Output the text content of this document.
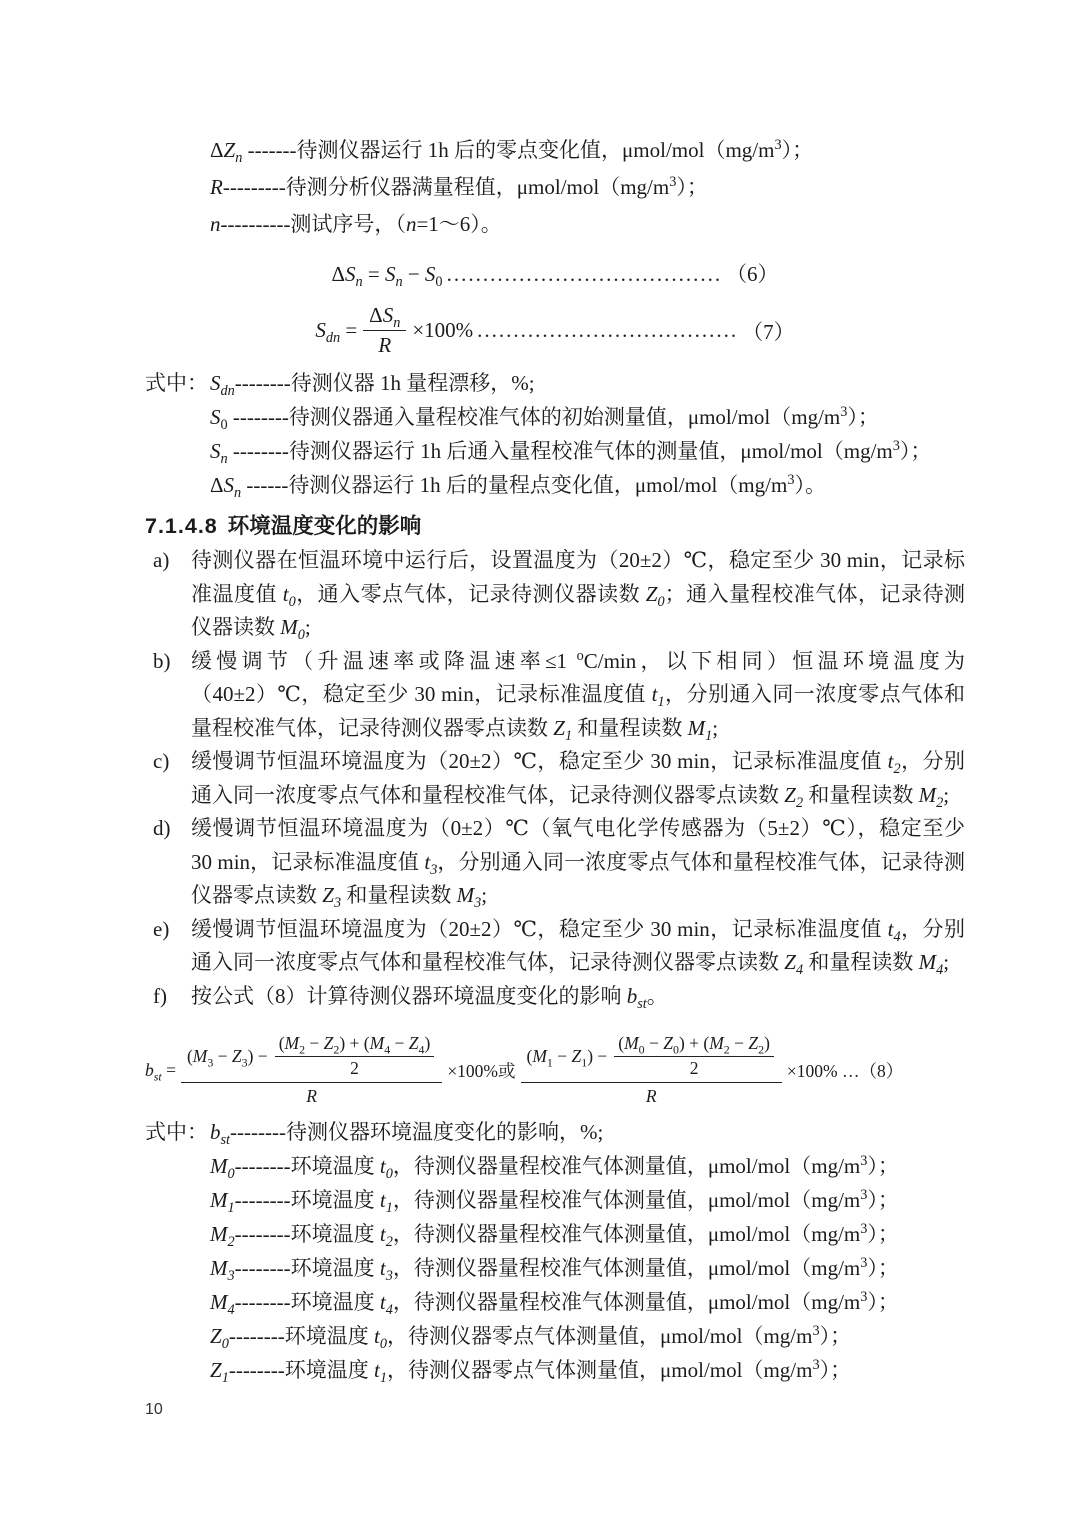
$\Delta Z_n$ -------待测仪器运行 1h 后的零点变化值，μmol/$mol(mg/m^3)$；
R---------待测分析仪器满量程值，μmol/$mol(mg/m^3)$；
n----------测试序号，（n=1～6）。
$\Delta S_n = S_n - S_0$ ...................................... （6）
$S_{dn} = \frac{\Delta S_n}{R} \times 100\%$ .................................... （7）
式中： $S_{dn}--------$待测仪器 1h 量程漂移，%;
$S_0$ --------待测仪器通入量程校准气体的初始测量值，μmol/$mol(mg/m^3)$；
$S_n$ --------待测仪器运行 1h 后通入量程校准气体的测量值，μmol/$mol(mg/m^3)$；
$\Delta S_n$ ------待测仪器运行 1h 后的量程点变化值，μmol/$mol(mg/m^3)$。
7.1.4.8 环境温度变化的影响
a)	待测仪器在恒温环境中运行后，设置温度为（20±2）℃，稳定至少 30 min，记录标准温度值 $t_0$，通入零点气体，记录待测仪器读数 $Z_0$；通入量程校准气体，记录待测仪器读数 $M_0$;
b) 缓慢调节（升温速率或降温速率≤1 $^o$C/min，以下相同）恒温环境温度为（40±2）℃，稳定至少 30 min，记录标准温度值 $t_1$，分别通入同一浓度零点气体和量程校准气体，记录待测仪器零点读数 $Z_1$ 和量程读数 $M_1$;
c)	缓慢调节恒温环境温度为（20±2）℃，稳定至少 30 min，记录标准温度值 $t_2$，分别通入同一浓度零点气体和量程校准气体，记录待测仪器零点读数 $Z_2$ 和量程读数 $M_2$;
d) 缓慢调节恒温环境温度为（0±2）℃（氧气电化学传感器为（5±2）℃），稳定至少 30 min，记录标准温度值 $t_3$，分别通入同一浓度零点气体和量程校准气体，记录待测仪器零点读数 $Z_3$ 和量程读数 $M_3$;
e)	缓慢调节恒温环境温度为（20±2）℃，稳定至少 30 min，记录标准温度值 $t_4$，分别通入同一浓度零点气体和量程校准气体，记录待测仪器零点读数 $Z_4$ 和量程读数 $M_4$;
f)	按公式（8）计算待测仪器环境温度变化的影响 $b_{st}$。
$b_{st}$ =
$(M_3 - Z_3) - \frac{(M_2 - Z_2) + (M_4 - Z_4)}{2}$
R
×100%或
$(M_1 - Z_1) - \frac{(M_0 - Z_0) + (M_2 - Z_2)}{2}$
R
×100% …（8）
式中： $b_{st}--------$待测仪器环境温度变化的影响，%;
$M_0--------$环境温度 $t_0$，待测仪器量程校准气体测量值，μmol/$mol(mg/m^3)$；
$M_1--------$环境温度 $t_1$，待测仪器量程校准气体测量值，μmol/$mol(mg/m^3)$；
$M_2--------$环境温度 $t_2$，待测仪器量程校准气体测量值，μmol/$mol(mg/m^3)$；
$M_3--------$环境温度 $t_3$，待测仪器量程校准气体测量值，μmol/$mol(mg/m^3)$；
$M_4--------$环境温度 $t_4$，待测仪器量程校准气体测量值，μmol/$mol(mg/m^3)$；
$Z_0--------$环境温度 $t_0$，待测仪器零点气体测量值，μmol/$mol(mg/m^3)$；
$Z_1--------$环境温度 $t_1$，待测仪器零点气体测量值，μmol/$mol(mg/m^3)$；
10
